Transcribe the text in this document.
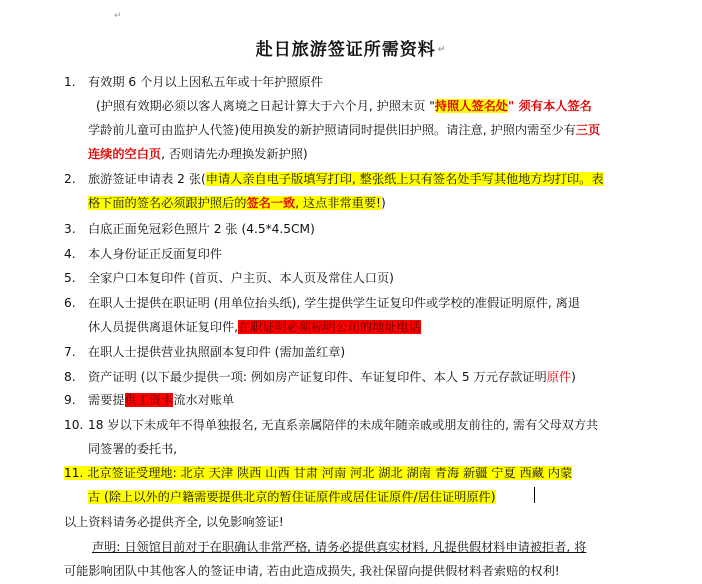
↵
赴日旅游签证所需资料 ↵
1. 有效期 6 个月以上因私五年或十年护照原件
(护照有效期必须以客人离境之日起计算大于六个月, 护照末页 "持照人签名处" 须有本人签名
学龄前儿童可由监护人代签)使用换发的新护照请同时提供旧护照。请注意, 护照内需至少有三页
连续的空白页, 否则请先办理换发新护照)
2. 旅游签证申请表 2 张(申请人亲自电子版填写打印, 整张纸上只有签名处手写其他地方均打印。表
格下面的签名必须跟护照后的签名一致, 这点非常重要!)
3. 白底正面免冠彩色照片 2 张 (4.5*4.5CM)
4. 本人身份证正反面复印件
5. 全家户口本复印件 (首页、户主页、本人页及常住人口页)
6. 在职人士提供在职证明 (用单位抬头纸), 学生提供学生证复印件或学校的准假证明原件, 离退
休人员提供离退休证复印件,在职证明必须标明公司的地址电话
7. 在职人士提供营业执照副本复印件 (需加盖红章)
8. 资产证明 (以下最少提供一项: 例如房产证复印件、车证复印件、本人 5 万元存款证明原件)
9. 需要提供工资卡流水对账单
10. 18 岁以下未成年不得单独报名, 无直系亲属陪伴的未成年随亲戚或朋友前往的, 需有父母双方共
同签署的委托书,
11. 北京签证受理地: 北京 天津 陕西 山西 甘肃 河南 河北 湖北 湖南 青海 新疆 宁夏 西藏 内蒙
古 (除上以外的户籍需要提供北京的暂住证原件或居住证原件/居住证明原件)
以上资料请务必提供齐全, 以免影响签证!
声明: 日领馆目前对于在职确认非常严格, 请务必提供真实材料, 凡提供假材料申请被拒者, 将
可能影响团队中其他客人的签证申请, 若由此造成损失, 我社保留向提供假材料者索赔的权利!
